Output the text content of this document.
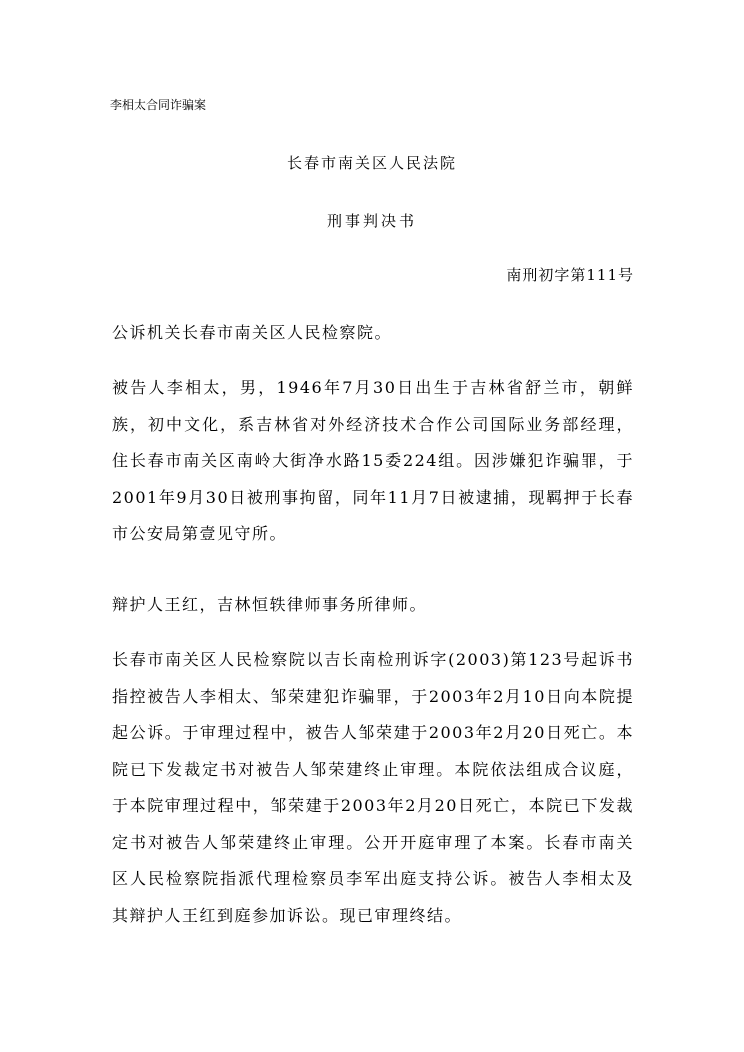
李相太合同诈骗案
长春市南关区人民法院
刑事判决书
南刑初字第111号

公诉机关长春市南关区人民检察院。

被告人李相太，男，1946年7月30日出生于吉林省舒兰市，朝鲜族，初中文化，系吉林省对外经济技术合作公司国际业务部经理，住长春市南关区南岭大街净水路15委224组。因涉嫌犯诈骗罪，于2001年9月30日被刑事拘留，同年11月7日被逮捕，现羁押于长春市公安局第壹见守所。

辩护人王红，吉林恒轶律师事务所律师。

长春市南关区人民检察院以吉长南检刑诉字(2003)第123号起诉书指控被告人李相太、邹荣建犯诈骗罪，于2003年2月10日向本院提起公诉。于审理过程中，被告人邹荣建于2003年2月20日死亡。本院已下发裁定书对被告人邹荣建终止审理。本院依法组成合议庭，于本院审理过程中，邹荣建于2003年2月20日死亡，本院已下发裁定书对被告人邹荣建终止审理。公开开庭审理了本案。长春市南关区人民检察院指派代理检察员李军出庭支持公诉。被告人李相太及其辩护人王红到庭参加诉讼。现已审理终结。
